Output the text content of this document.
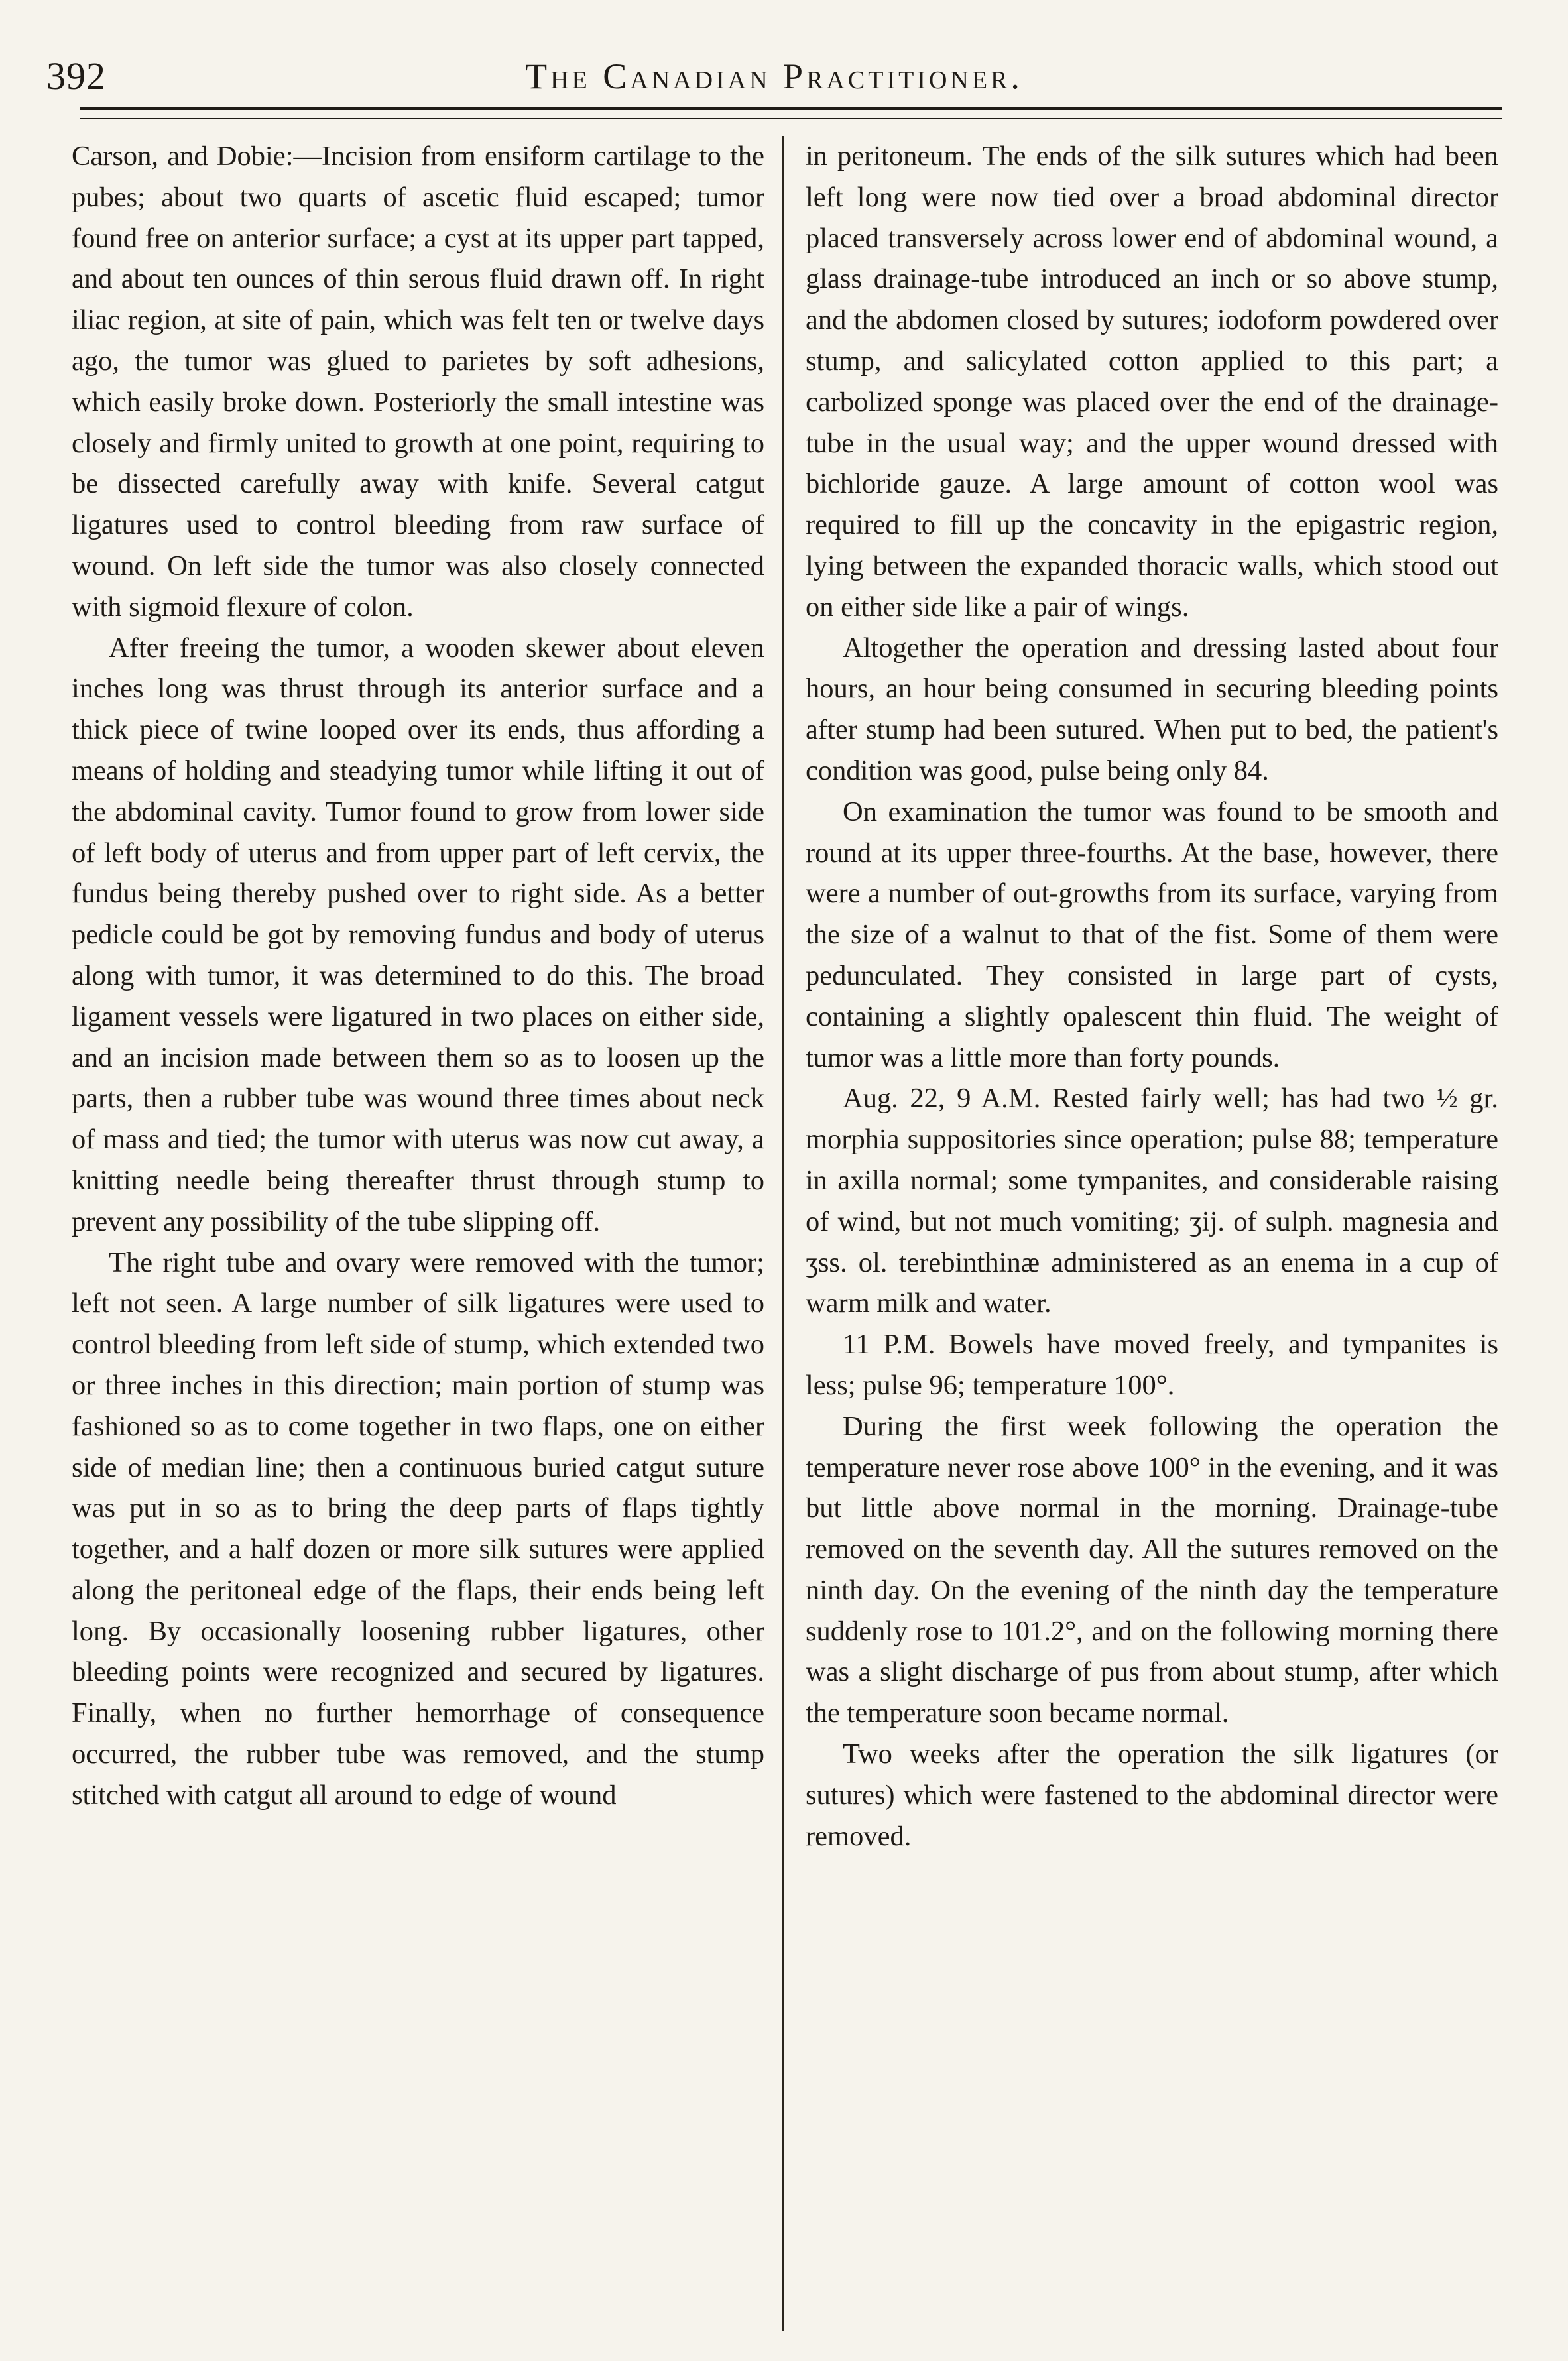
392	The Canadian Practitioner.

Carson, and Dobie:—Incision from ensiform cartilage to the pubes; about two quarts of ascetic fluid escaped; tumor found free on anterior surface; a cyst at its upper part tapped, and about ten ounces of thin serous fluid drawn off. In right iliac region, at site of pain, which was felt ten or twelve days ago, the tumor was glued to parietes by soft adhesions, which easily broke down. Posteriorly the small intestine was closely and firmly united to growth at one point, requiring to be dissected carefully away with knife. Several catgut ligatures used to control bleeding from raw surface of wound. On left side the tumor was also closely connected with sigmoid flexure of colon.

After freeing the tumor, a wooden skewer about eleven inches long was thrust through its anterior surface and a thick piece of twine looped over its ends, thus affording a means of holding and steadying tumor while lifting it out of the abdominal cavity. Tumor found to grow from lower side of left body of uterus and from upper part of left cervix, the fundus being thereby pushed over to right side. As a better pedicle could be got by removing fundus and body of uterus along with tumor, it was determined to do this. The broad ligament vessels were ligatured in two places on either side, and an incision made between them so as to loosen up the parts, then a rubber tube was wound three times about neck of mass and tied; the tumor with uterus was now cut away, a knitting needle being thereafter thrust through stump to prevent any possibility of the tube slipping off.

The right tube and ovary were removed with the tumor; left not seen. A large number of silk ligatures were used to control bleeding from left side of stump, which extended two or three inches in this direction; main portion of stump was fashioned so as to come together in two flaps, one on either side of median line; then a continuous buried catgut suture was put in so as to bring the deep parts of flaps tightly together, and a half dozen or more silk sutures were applied along the peritoneal edge of the flaps, their ends being left long. By occasionally loosening rubber ligatures, other bleeding points were recognized and secured by ligatures. Finally, when no further hemorrhage of consequence occurred, the rubber tube was removed, and the stump stitched with catgut all around to edge of wound

in peritoneum. The ends of the silk sutures which had been left long were now tied over a broad abdominal director placed transversely across lower end of abdominal wound, a glass drainage-tube introduced an inch or so above stump, and the abdomen closed by sutures; iodoform powdered over stump, and salicylated cotton applied to this part; a carbolized sponge was placed over the end of the drainage-tube in the usual way; and the upper wound dressed with bichloride gauze. A large amount of cotton wool was required to fill up the concavity in the epigastric region, lying between the expanded thoracic walls, which stood out on either side like a pair of wings.

Altogether the operation and dressing lasted about four hours, an hour being consumed in securing bleeding points after stump had been sutured. When put to bed, the patient's condition was good, pulse being only 84.

On examination the tumor was found to be smooth and round at its upper three-fourths. At the base, however, there were a number of out-growths from its surface, varying from the size of a walnut to that of the fist. Some of them were pedunculated. They consisted in large part of cysts, containing a slightly opalescent thin fluid. The weight of tumor was a little more than forty pounds.

Aug. 22, 9 A.M. Rested fairly well; has had two ½ gr. morphia suppositories since operation; pulse 88; temperature in axilla normal; some tympanites, and considerable raising of wind, but not much vomiting; ʒij. of sulph. magnesia and ʒss. ol. terebinthinæ administered as an enema in a cup of warm milk and water.

11 P.M. Bowels have moved freely, and tympanites is less; pulse 96; temperature 100°.

During the first week following the operation the temperature never rose above 100° in the evening, and it was but little above normal in the morning. Drainage-tube removed on the seventh day. All the sutures removed on the ninth day. On the evening of the ninth day the temperature suddenly rose to 101.2°, and on the following morning there was a slight discharge of pus from about stump, after which the temperature soon became normal.

Two weeks after the operation the silk ligatures (or sutures) which were fastened to the abdominal director were removed.
